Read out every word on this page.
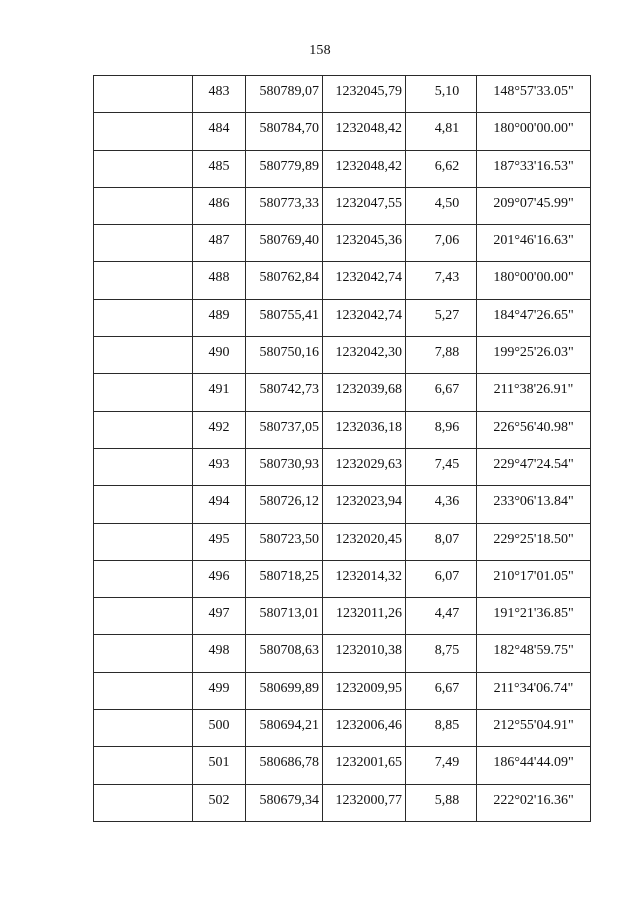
158

	483	580789,07	1232045,79	5,10	148°57'33.05"

	484	580784,70	1232048,42	4,81	180°00'00.00"

	485	580779,89	1232048,42	6,62	187°33'16.53"

	486	580773,33	1232047,55	4,50	209°07'45.99"

	487	580769,40	1232045,36	7,06	201°46'16.63"

	488	580762,84	1232042,74	7,43	180°00'00.00"

	489	580755,41	1232042,74	5,27	184°47'26.65"

	490	580750,16	1232042,30	7,88	199°25'26.03"

	491	580742,73	1232039,68	6,67	211°38'26.91"

	492	580737,05	1232036,18	8,96	226°56'40.98"

	493	580730,93	1232029,63	7,45	229°47'24.54"

	494	580726,12	1232023,94	4,36	233°06'13.84"

	495	580723,50	1232020,45	8,07	229°25'18.50"

	496	580718,25	1232014,32	6,07	210°17'01.05"

	497	580713,01	1232011,26	4,47	191°21'36.85"

	498	580708,63	1232010,38	8,75	182°48'59.75"

	499	580699,89	1232009,95	6,67	211°34'06.74"

	500	580694,21	1232006,46	8,85	212°55'04.91"

	501	580686,78	1232001,65	7,49	186°44'44.09"

	502	580679,34	1232000,77	5,88	222°02'16.36"
